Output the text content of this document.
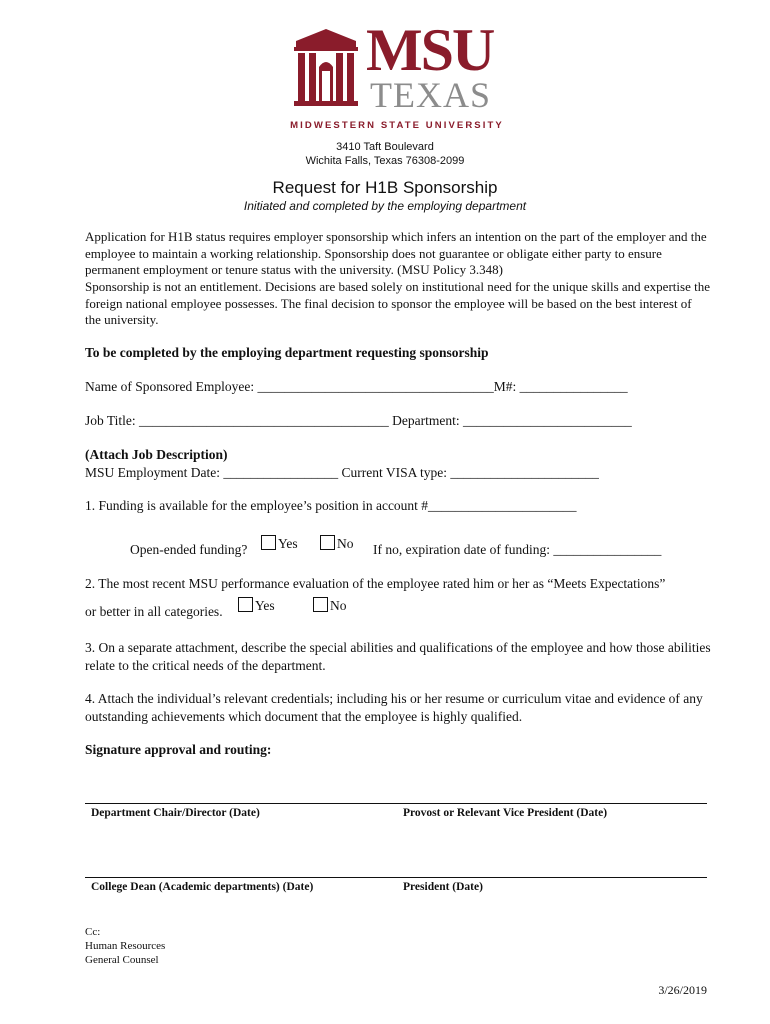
MSU
TEXAS
MIDWESTERN STATE UNIVERSITY
3410 Taft Boulevard
Wichita Falls, Texas 76308-2099
Request for H1B Sponsorship
Initiated and completed by the employing department
Application for H1B status requires employer sponsorship which infers an intention on the part of the employer and the employee to maintain a working relationship. Sponsorship does not guarantee or obligate either party to ensure permanent employment or tenure status with the university. (MSU Policy 3.348)
Sponsorship is not an entitlement. Decisions are based solely on institutional need for the unique skills and expertise the foreign national employee possesses. The final decision to sponsor the employee will be based on the best interest of the university.
To be completed by the employing department requesting sponsorship
Name of Sponsored Employee: ___________________________________M#: ________________
Job Title: _____________________________________ Department: _________________________
(Attach Job Description)
MSU Employment Date: _________________ Current VISA type: ______________________
1. Funding is available for the employee’s position in account #______________________
Open-ended funding?	Yes	No If no, expiration date of funding: ________________
2. The most recent MSU performance evaluation of the employee rated him or her as “Meets Expectations”
or better in all categories.	Yes	No
3. On a separate attachment, describe the special abilities and qualifications of the employee and how those abilities relate to the critical needs of the department.
4. Attach the individual’s relevant credentials; including his or her resume or curriculum vitae and evidence of any outstanding achievements which document that the employee is highly qualified.
Signature approval and routing:
Department Chair/Director (Date)	Provost or Relevant Vice President (Date)
College Dean (Academic departments) (Date)	President (Date)
Cc:
Human Resources
General Counsel
3/26/2019
